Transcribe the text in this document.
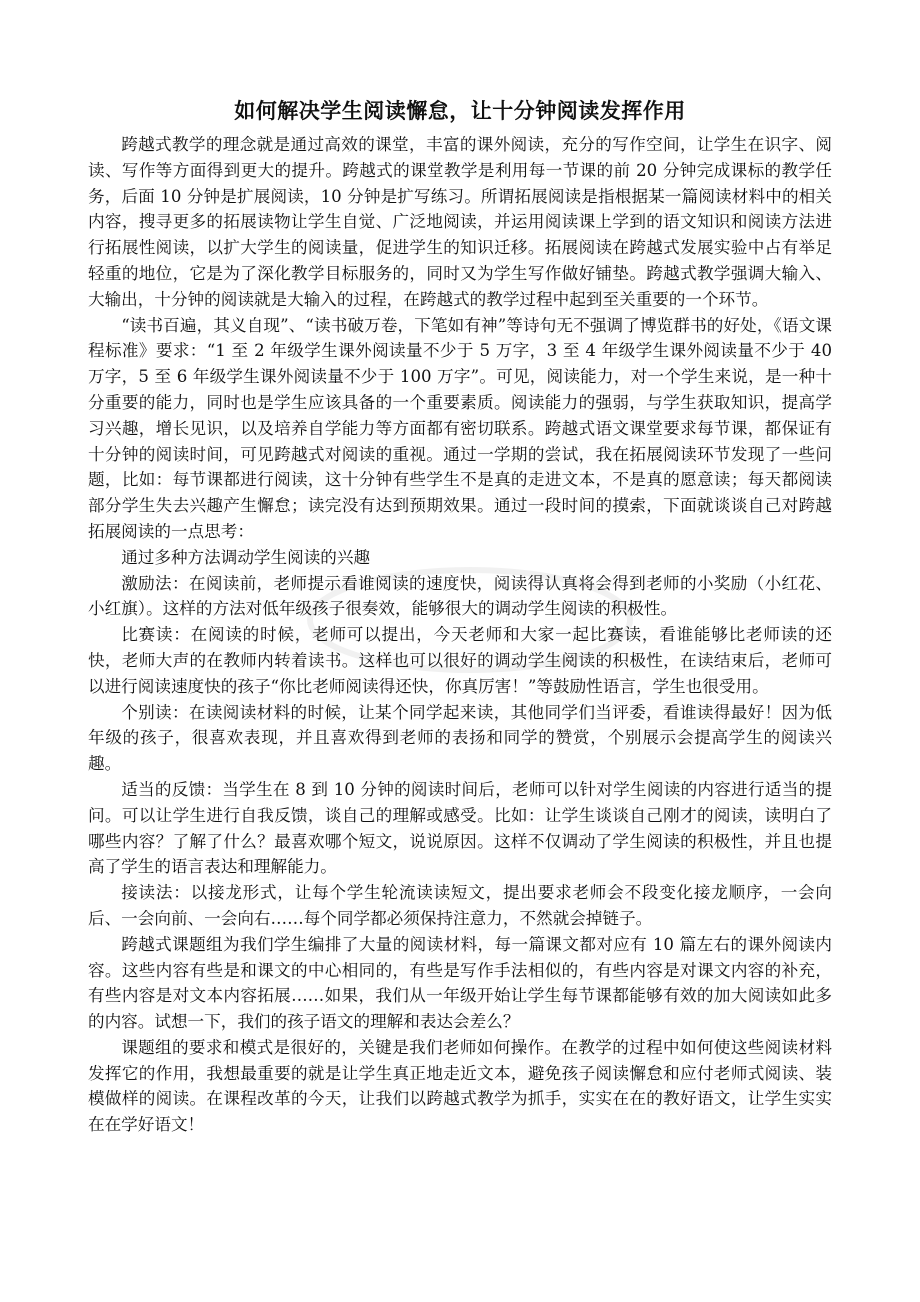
如何解决学生阅读懈怠，让十分钟阅读发挥作用

跨越式教学的理念就是通过高效的课堂，丰富的课外阅读，充分的写作空间，让学生在识字、阅读、写作等方面得到更大的提升。跨越式的课堂教学是利用每一节课的前 20 分钟完成课标的教学任务，后面 10 分钟是扩展阅读，10 分钟是扩写练习。所谓拓展阅读是指根据某一篇阅读材料中的相关内容，搜寻更多的拓展读物让学生自觉、广泛地阅读，并运用阅读课上学到的语文知识和阅读方法进行拓展性阅读，以扩大学生的阅读量，促进学生的知识迁移。拓展阅读在跨越式发展实验中占有举足轻重的地位，它是为了深化教学目标服务的，同时又为学生写作做好铺垫。跨越式教学强调大输入、大输出，十分钟的阅读就是大输入的过程，在跨越式的教学过程中起到至关重要的一个环节。

“读书百遍，其义自现”、“读书破万卷，下笔如有神”等诗句无不强调了博览群书的好处，《语文课程标准》要求：“1 至 2 年级学生课外阅读量不少于 5 万字，3 至 4 年级学生课外阅读量不少于 40 万字，5 至 6 年级学生课外阅读量不少于 100 万字”。可见，阅读能力，对一个学生来说，是一种十分重要的能力，同时也是学生应该具备的一个重要素质。阅读能力的强弱，与学生获取知识，提高学习兴趣，增长见识，以及培养自学能力等方面都有密切联系。跨越式语文课堂要求每节课，都保证有十分钟的阅读时间，可见跨越式对阅读的重视。通过一学期的尝试，我在拓展阅读环节发现了一些问题，比如：每节课都进行阅读，这十分钟有些学生不是真的走进文本，不是真的愿意读；每天都阅读部分学生失去兴趣产生懈怠；读完没有达到预期效果。通过一段时间的摸索，下面就谈谈自己对跨越拓展阅读的一点思考：

通过多种方法调动学生阅读的兴趣

激励法：在阅读前，老师提示看谁阅读的速度快，阅读得认真将会得到老师的小奖励（小红花、小红旗）。这样的方法对低年级孩子很奏效，能够很大的调动学生阅读的积极性。

比赛读：在阅读的时候，老师可以提出，今天老师和大家一起比赛读，看谁能够比老师读的还快，老师大声的在教师内转着读书。这样也可以很好的调动学生阅读的积极性，在读结束后，老师可以进行阅读速度快的孩子“你比老师阅读得还快，你真厉害！”等鼓励性语言，学生也很受用。

个别读：在读阅读材料的时候，让某个同学起来读，其他同学们当评委，看谁读得最好！因为低年级的孩子，很喜欢表现，并且喜欢得到老师的表扬和同学的赞赏，个别展示会提高学生的阅读兴趣。

适当的反馈：当学生在 8 到 10 分钟的阅读时间后，老师可以针对学生阅读的内容进行适当的提问。可以让学生进行自我反馈，谈自己的理解或感受。比如：让学生谈谈自己刚才的阅读，读明白了哪些内容？了解了什么？最喜欢哪个短文，说说原因。这样不仅调动了学生阅读的积极性，并且也提高了学生的语言表达和理解能力。

接读法：以接龙形式，让每个学生轮流读读短文，提出要求老师会不段变化接龙顺序，一会向后、一会向前、一会向右……每个同学都必须保持注意力，不然就会掉链子。

跨越式课题组为我们学生编排了大量的阅读材料，每一篇课文都对应有 10 篇左右的课外阅读内容。这些内容有些是和课文的中心相同的，有些是写作手法相似的，有些内容是对课文内容的补充，有些内容是对文本内容拓展……如果，我们从一年级开始让学生每节课都能够有效的加大阅读如此多的内容。试想一下，我们的孩子语文的理解和表达会差么？

课题组的要求和模式是很好的，关键是我们老师如何操作。在教学的过程中如何使这些阅读材料发挥它的作用，我想最重要的就是让学生真正地走近文本，避免孩子阅读懈怠和应付老师式阅读、装模做样的阅读。在课程改革的今天，让我们以跨越式教学为抓手，实实在在的教好语文，让学生实实在在学好语文！
